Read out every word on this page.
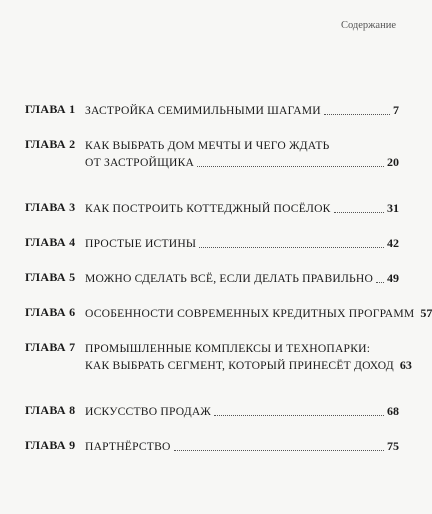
Содержание
ГЛАВА 1 ЗАСТРОЙКА СЕМИМИЛЬНЫМИ ШАГАМИ	7
ГЛАВА 2 КАК ВЫБРАТЬ ДОМ МЕЧТЫ И ЧЕГО ЖДАТЬ
ОТ ЗАСТРОЙЩИКА	20
ГЛАВА 3 КАК ПОСТРОИТЬ КОТТЕДЖНЫЙ ПОСЁЛОК	31
ГЛАВА 4 ПРОСТЫЕ ИСТИНЫ	42
ГЛАВА 5 МОЖНО СДЕЛАТЬ ВСЁ, ЕСЛИ ДЕЛАТЬ ПРАВИЛЬНО 49
ГЛАВА 6 ОСОБЕННОСТИ СОВРЕМЕННЫХ КРЕДИТНЫХ ПРОГРАММ 57
ГЛАВА 7 ПРОМЫШЛЕННЫЕ КОМПЛЕКСЫ И ТЕХНОПАРКИ:
КАК ВЫБРАТЬ СЕГМЕНТ, КОТОРЫЙ ПРИНЕСЁТ ДОХОД 63
ГЛАВА 8 ИСКУССТВО ПРОДАЖ	68
ГЛАВА 9 ПАРТНЁРСТВО	75
